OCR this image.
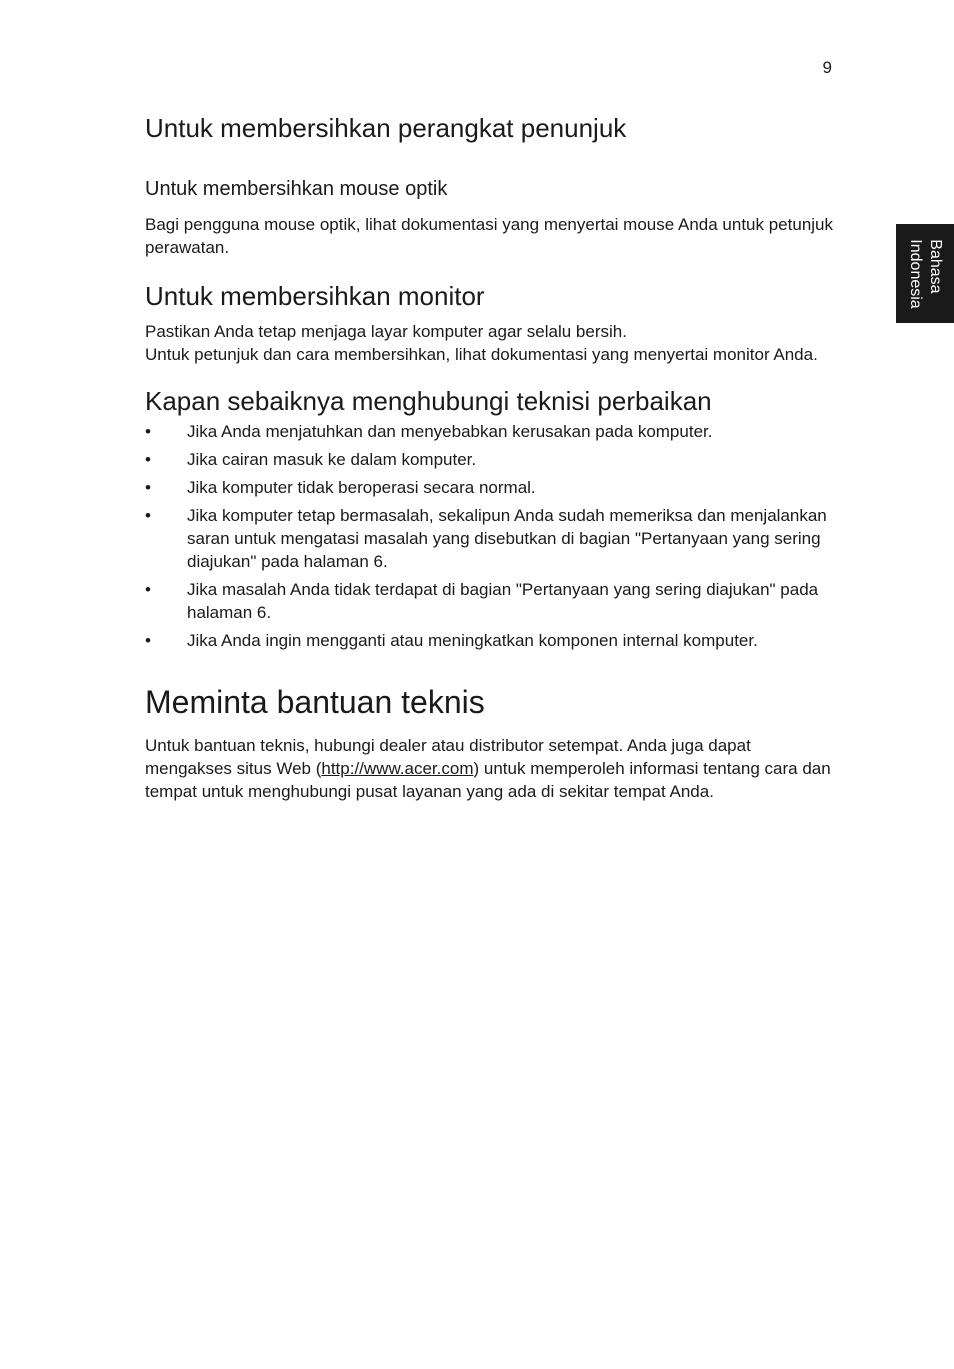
9
Bahasa
Indonesia
Untuk membersihkan perangkat penunjuk
Untuk membersihkan mouse optik

Bagi pengguna mouse optik, lihat dokumentasi yang menyertai mouse Anda untuk petunjuk perawatan.

Untuk membersihkan monitor

Pastikan Anda tetap menjaga layar komputer agar selalu bersih.

Untuk petunjuk dan cara membersihkan, lihat dokumentasi yang menyertai monitor Anda.

Kapan sebaiknya menghubungi teknisi perbaikan
• Jika Anda menjatuhkan dan menyebabkan kerusakan pada komputer.
• Jika cairan masuk ke dalam komputer.
• Jika komputer tidak beroperasi secara normal.
• Jika komputer tetap bermasalah, sekalipun Anda sudah memeriksa dan menjalankan saran untuk mengatasi masalah yang disebutkan di bagian "Pertanyaan yang sering diajukan" pada halaman 6.
• Jika masalah Anda tidak terdapat di bagian "Pertanyaan yang sering diajukan" pada halaman 6.
• Jika Anda ingin mengganti atau meningkatkan komponen internal komputer.
Meminta bantuan teknis

Untuk bantuan teknis, hubungi dealer atau distributor setempat. Anda juga dapat mengakses situs Web (http://www.acer.com) untuk memperoleh informasi tentang cara dan tempat untuk menghubungi pusat layanan yang ada di sekitar tempat Anda.
